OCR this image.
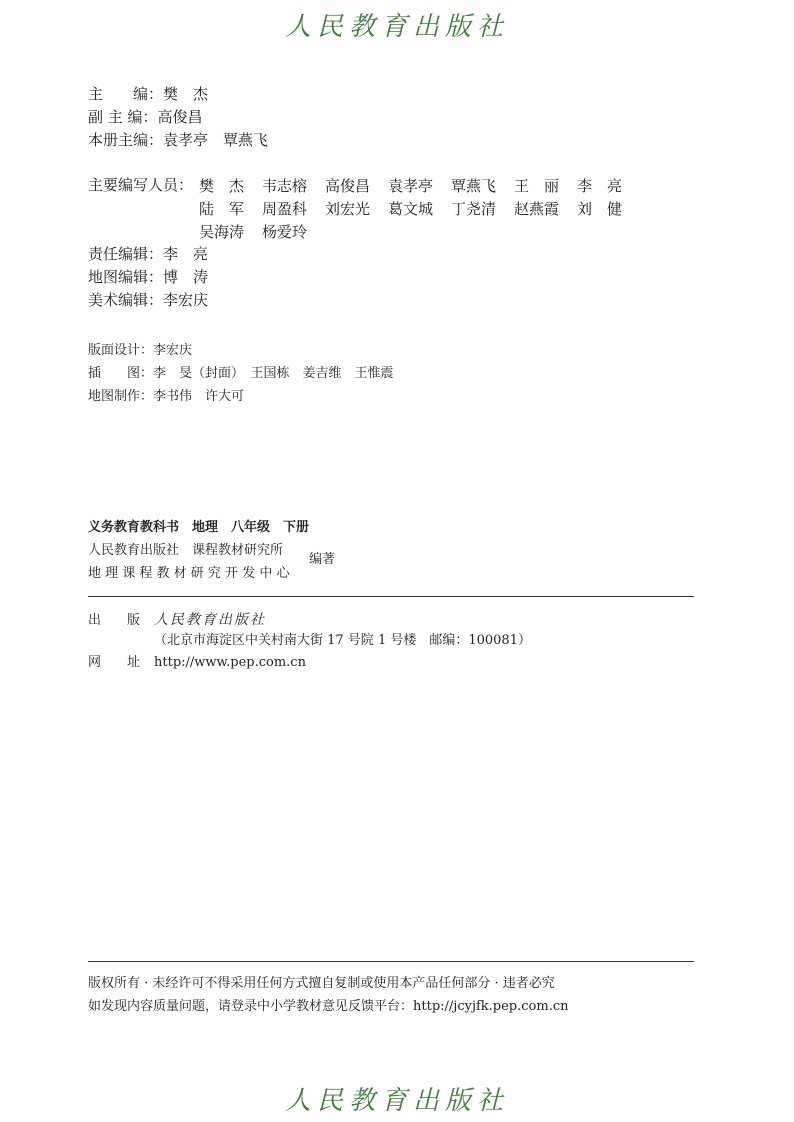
人民教育出版社
主　　编：樊　杰
副 主 编：高俊昌
本册主编：袁孝亭　覃燕飞
主要编写人员： 樊　杰 韦志榕 高俊昌 袁孝亭 覃燕飞 王　丽 李　亮
陆　军 周盈科 刘宏光 葛文城 丁尧清 赵燕霞 刘　健
吴海涛 杨爱玲
责任编辑：李　亮
地图编辑：博　涛
美术编辑：李宏庆
版面设计：李宏庆
插　　图：李　旻（封面）　王国栋　姜吉维　王惟震
地图制作：李书伟　许大可
义务教育教科书　地理　八年级　下册
人民教育出版社　课程教材研究所
地 理 课 程 教 材 研 究 开 发 中 心
编著
出　　版 人民教育出版社
（北京市海淀区中关村南大街 17 号院 1 号楼　邮编：100081）
网　　址 http://www.pep.com.cn
版权所有 · 未经许可不得采用任何方式擅自复制或使用本产品任何部分 · 违者必究
如发现内容质量问题，请登录中小学教材意见反馈平台：http://jcyjfk.pep.com.cn
人民教育出版社
